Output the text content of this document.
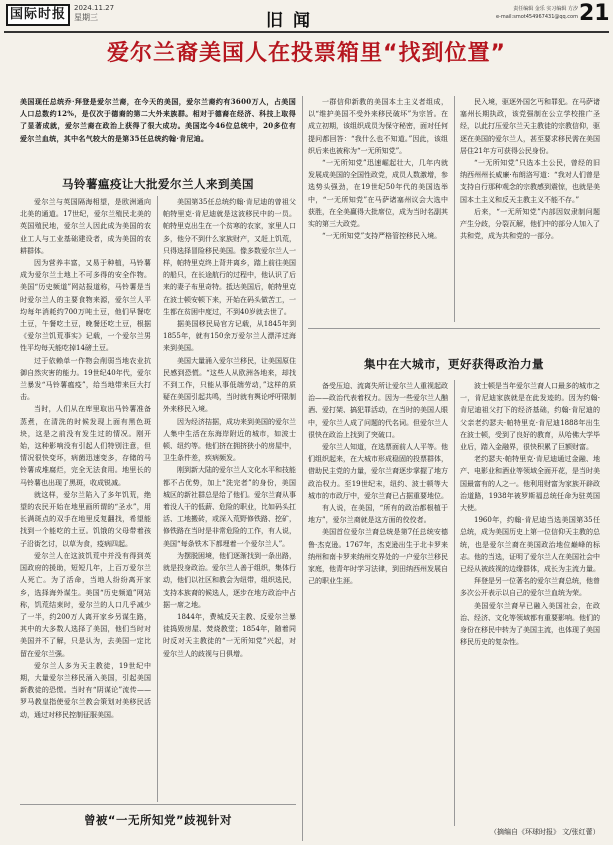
国际时报	2024.11.27
星期三	旧闻
责任编辑 金乐 实习编辑 方汐
e-mail:smot454967431@qq.com 21
爱尔兰裔美国人在投票箱里“找到位置”
美国现任总统乔·拜登是爱尔兰裔，在今天的美国，爱尔兰裔约有3600万人，占美国人口总数约12%，是仅次于德裔的第二大外来族群。相对于德裔在经济、科技上取得了显著成就，爱尔兰裔在政治上获得了很大成功。美国迄今46位总统中，20多位有爱尔兰血统，其中名气较大的是第35任总统约翰·肯尼迪。
马铃薯瘟疫让大批爱尔兰人来到美国

爱尔兰与英国隔海相望，是欧洲通向北美的通道。17世纪，爱尔兰殖民北美的英国殖民地，爱尔兰人因此成为美国的农业工人与工业基础建设者，成为美国的农耕群体。

因为营养丰富，又易于种植，马铃薯成为爱尔兰土地上不可多得的安全作物。美国“历史频道”网站报道称，马铃薯是当时爱尔兰人的主要食物来源，爱尔兰人平均每年消耗约700万吨土豆，他们早餐吃土豆，午餐吃土豆，晚餐还吃土豆，根据《爱尔兰饥荒事实》记载，一个爱尔兰男性平均每天能吃掉14磅土豆。

过于依赖单一作物会削弱当地农业抗御自然灾害的能力。19世纪40年代，爱尔兰暴发“马铃薯瘟疫”，给当地带来巨大打击。

当时，人们从在库里取出马铃薯准备蒸煮，在清洗的时候发现上面有黑色斑块，这是之前没有发生过的情况。刚开始，这种影响没有引起人们特别注意，但情况很快变坏，病菌迅速变多，存储的马铃薯成堆腐烂，完全无法食用。地里长的马铃薯也出现了黑斑，收成锐减。

就这样，爱尔兰陷入了多年饥荒，绝望的农民开始在地里画所谓的“圣水”，用长满斑点的双手在地里反复翻找，希望能找到一个能吃的土豆。饥饿的父母带着孩子沿街乞讨，以草为食，疫病四起。

爱尔兰人在这波饥荒中并没有得到英国政府的援助，短短几年，上百万爱尔兰人死亡。为了活命，当地人纷纷离开家乡，选择海外谋生。美国“历史频道”网站称，饥荒结束时，爱尔兰的人口几乎减少了一半，约200万人离开家乡另谋生路，其中的大多数人选择了美国，他们当时对美国并不了解，只是认为，去美国一定比留在爱尔兰强。

爱尔兰人多为天主教徒，19世纪中期，大量爱尔兰移民涌入美国，引起美国新教徒的恐慌。当时有“阴谋论”流传——罗马教皇指使爱尔兰教会策划对美移民活动，通过对移民控制征服美国。

美国第35任总统约翰·肯尼迪的曾祖父帕特里克·肯尼迪就是这波移民中的一员。帕特里克出生在一个贫寒的农家，家里人口多，他分不到什么家族财产，又赶上饥荒，只得选择冒险移民美国。像多数爱尔兰人一样，帕特里克终上背井离乡，踏上前往美国的船只，在长途航行的过程中，他认识了后来的妻子布里奇特。抵达美国后，帕特里克在波士顿安顿下来，开始在码头做苦工，一生都在贫困中度过，不到40岁就去世了。

据美国移民局官方记载，从1845年到1855年，就有150余万爱尔兰人漂洋过海来到美国。

美国大量涌入爱尔兰移民，让美国原住民感到恐慌。“这些人从欧洲各地来，却找不到工作，只能从事低端劳动，”这样的质疑在美国引起共鸣，当时就有舆论呼吁限制外来移民入境。

因为经济拮据，成功来到美国的爱尔兰人集中生活在东海岸附近的城市，如波士顿、纽约等。他们挤在拥挤狭小的房屋中，卫生条件差，疾病频发。

刚到新大陆的爱尔兰人文化水平和技能都不占优势，加上“洗完者”的身份，美国城区的新社群总是给了他们。爱尔兰裔从事着没人干的低薪、危险的职业，比如码头扛活、工地搬砖，或深入荒野修铁路、挖矿，修铁路在当时是非常危险的工作，有人说，美国“每条铁木下都埋着一个爱尔兰人”。

为摆脱困境，他们逐渐找到一条出路，就是投身政治。爱尔兰人善于组织，集体行动，他们以社区和教会为纽带，组织选民，支持本族裔的候选人，逐步在地方政治中占据一席之地。

1844年，费城反天主教、反爱尔兰暴徒捣毁房屋、焚烧教堂；1854年，随着同时反对天主教徒的“一无所知党”兴起，对爱尔兰人的歧视与日俱增。

曾被“一无所知党”歧视针对

一群信仰新教的美国本土主义者组成，以“维护美国不受外来移民破坏”为宗旨。在成立初期，该组织成员为保守秘密，面对任何提问都回答：“我什么也不知道。”因此，该组织后来也被称为“一无所知党”。

“一无所知党”迅速崛起壮大，几年内就发展成美国的全国性政党，成员人数激增，参选势头强劲，在19世纪50年代的美国选举中，“一无所知党”在马萨诸塞州议会大选中获胜，在全美赢得大批席位，成为当时名副其实的第三大政党。

“一无所知党”支持严格管控移民入境。

民入境，驱逐外国乞丐和罪犯。在马萨诸塞州长期执政，该党强制在公立学校推广圣经，以此打压爱尔兰天主教徒的宗教信仰，驱逐在美国的爱尔兰人，甚至要求移民需在美国居住21年方可获得公民身份。

“一无所知党”只选本土公民，曾经的旧纳西州州长威廉·布朗洛写道：“我对人们曾是支持自行那种观念的宗教感到震惊，也就是美国本土主义和反天主教主义不能不存。”

后来，“一无所知党”内部因奴隶制问题产生分歧，分裂瓦解，他们中的部分人加入了共和党，成为共和党的一部分。

集中在大城市，更好获得政治力量

备受压迫、流离失所让爱尔兰人重视起政治——政治代表着权力。因为一些爱尔兰人酗酒、爱打架、搞犯罪活动，在当时的美国人眼中，爱尔兰人成了问题的代名词。但爱尔兰人很快在政治上找到了突破口。

爱尔兰人知道，在选票面前人人平等。他们组织起来，在大城市形成稳固的投票群体，借助民主党的力量，爱尔兰裔逐步掌握了地方政治权力。至19世纪末，纽约、波士顿等大城市的市政厅中，爱尔兰裔已占据重要地位。

有人说，在美国，“所有的政治都根植于地方”，爱尔兰裔就是这方面的佼佼者。

美国首位爱尔兰裔总统是第7任总统安德鲁·杰克逊。1767年，杰克逊出生于北卡罗来纳州和南卡罗来纳州交界处的一户爱尔兰移民家庭，他青年时学习法律，到田纳西州发展自己的职业生涯。

波士顿是当年爱尔兰裔人口最多的城市之一，肯尼迪家族就是在此发迹的。因为约翰·肯尼迪祖父打下的经济基础，约翰·肯尼迪的父亲老约瑟夫·帕特里克·肯尼迪1888年出生在波士顿，受到了良好的教育，从哈佛大学毕业后，踏入金融界，很快积累了巨额财富。

老约瑟夫·帕特里克·肯尼迪通过金融、地产、电影业和酒业等领域全面开花，是当时美国最富有的人之一。他利用财富为家族开辟政治道路，1938年被罗斯福总统任命为驻英国大使。

1960年，约翰·肯尼迪当选美国第35任总统，成为美国历史上第一位信仰天主教的总统，也是爱尔兰裔在美国政治地位巅峰的标志。他的当选，证明了爱尔兰人在美国社会中已经从被歧视的边缘群体，成长为主流力量。

拜登是另一位著名的爱尔兰裔总统，他曾多次公开表示以自己的爱尔兰血统为荣。

美国爱尔兰裔早已融入美国社会，在政治、经济、文化等领域都有重要影响。他们的身份在移民中转为了美国主流，也体现了美国移民历史的复杂性。

（摘编自《环球时报》 文/张红蕾）
